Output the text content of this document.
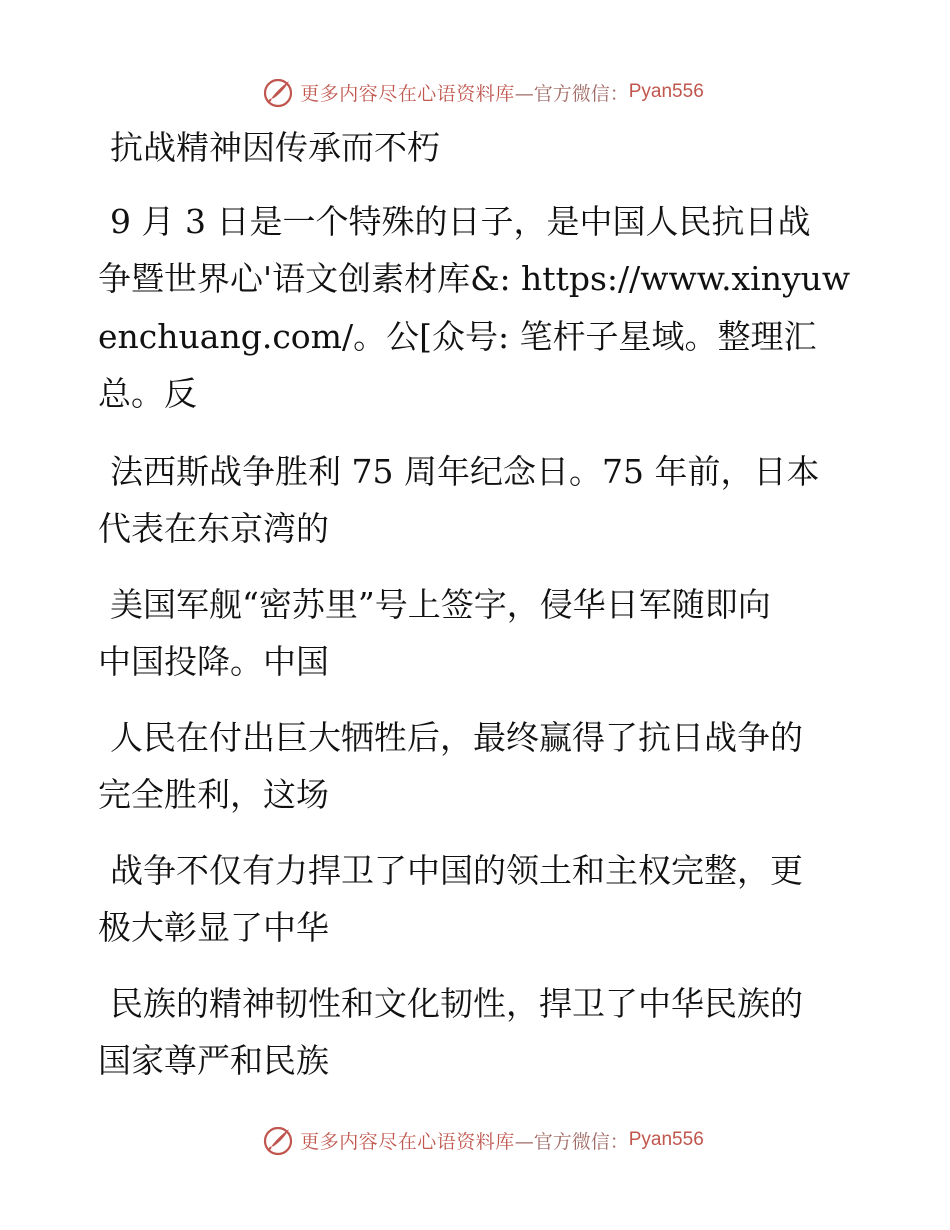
更多内容尽在心语资料库 —官方微信： Pyan556
抗战精神因传承而不朽
9 月 3 日是一个特殊的日子，是中国人民抗日战
争暨世界心'语文创素材库&: https://www.xinyuw
enchuang.com/。公[众号: 笔杆子星域。整理汇
总。反
法西斯战争胜利 75 周年纪念日。75 年前，日本
代表在东京湾的
美国军舰“密苏里”号上签字，侵华日军随即向
中国投降。中国
人民在付出巨大牺牲后，最终赢得了抗日战争的
完全胜利，这场
战争不仅有力捍卫了中国的领土和主权完整，更
极大彰显了中华
民族的精神韧性和文化韧性，捍卫了中华民族的
国家尊严和民族
更多内容尽在心语资料库 —官方微信： Pyan556
